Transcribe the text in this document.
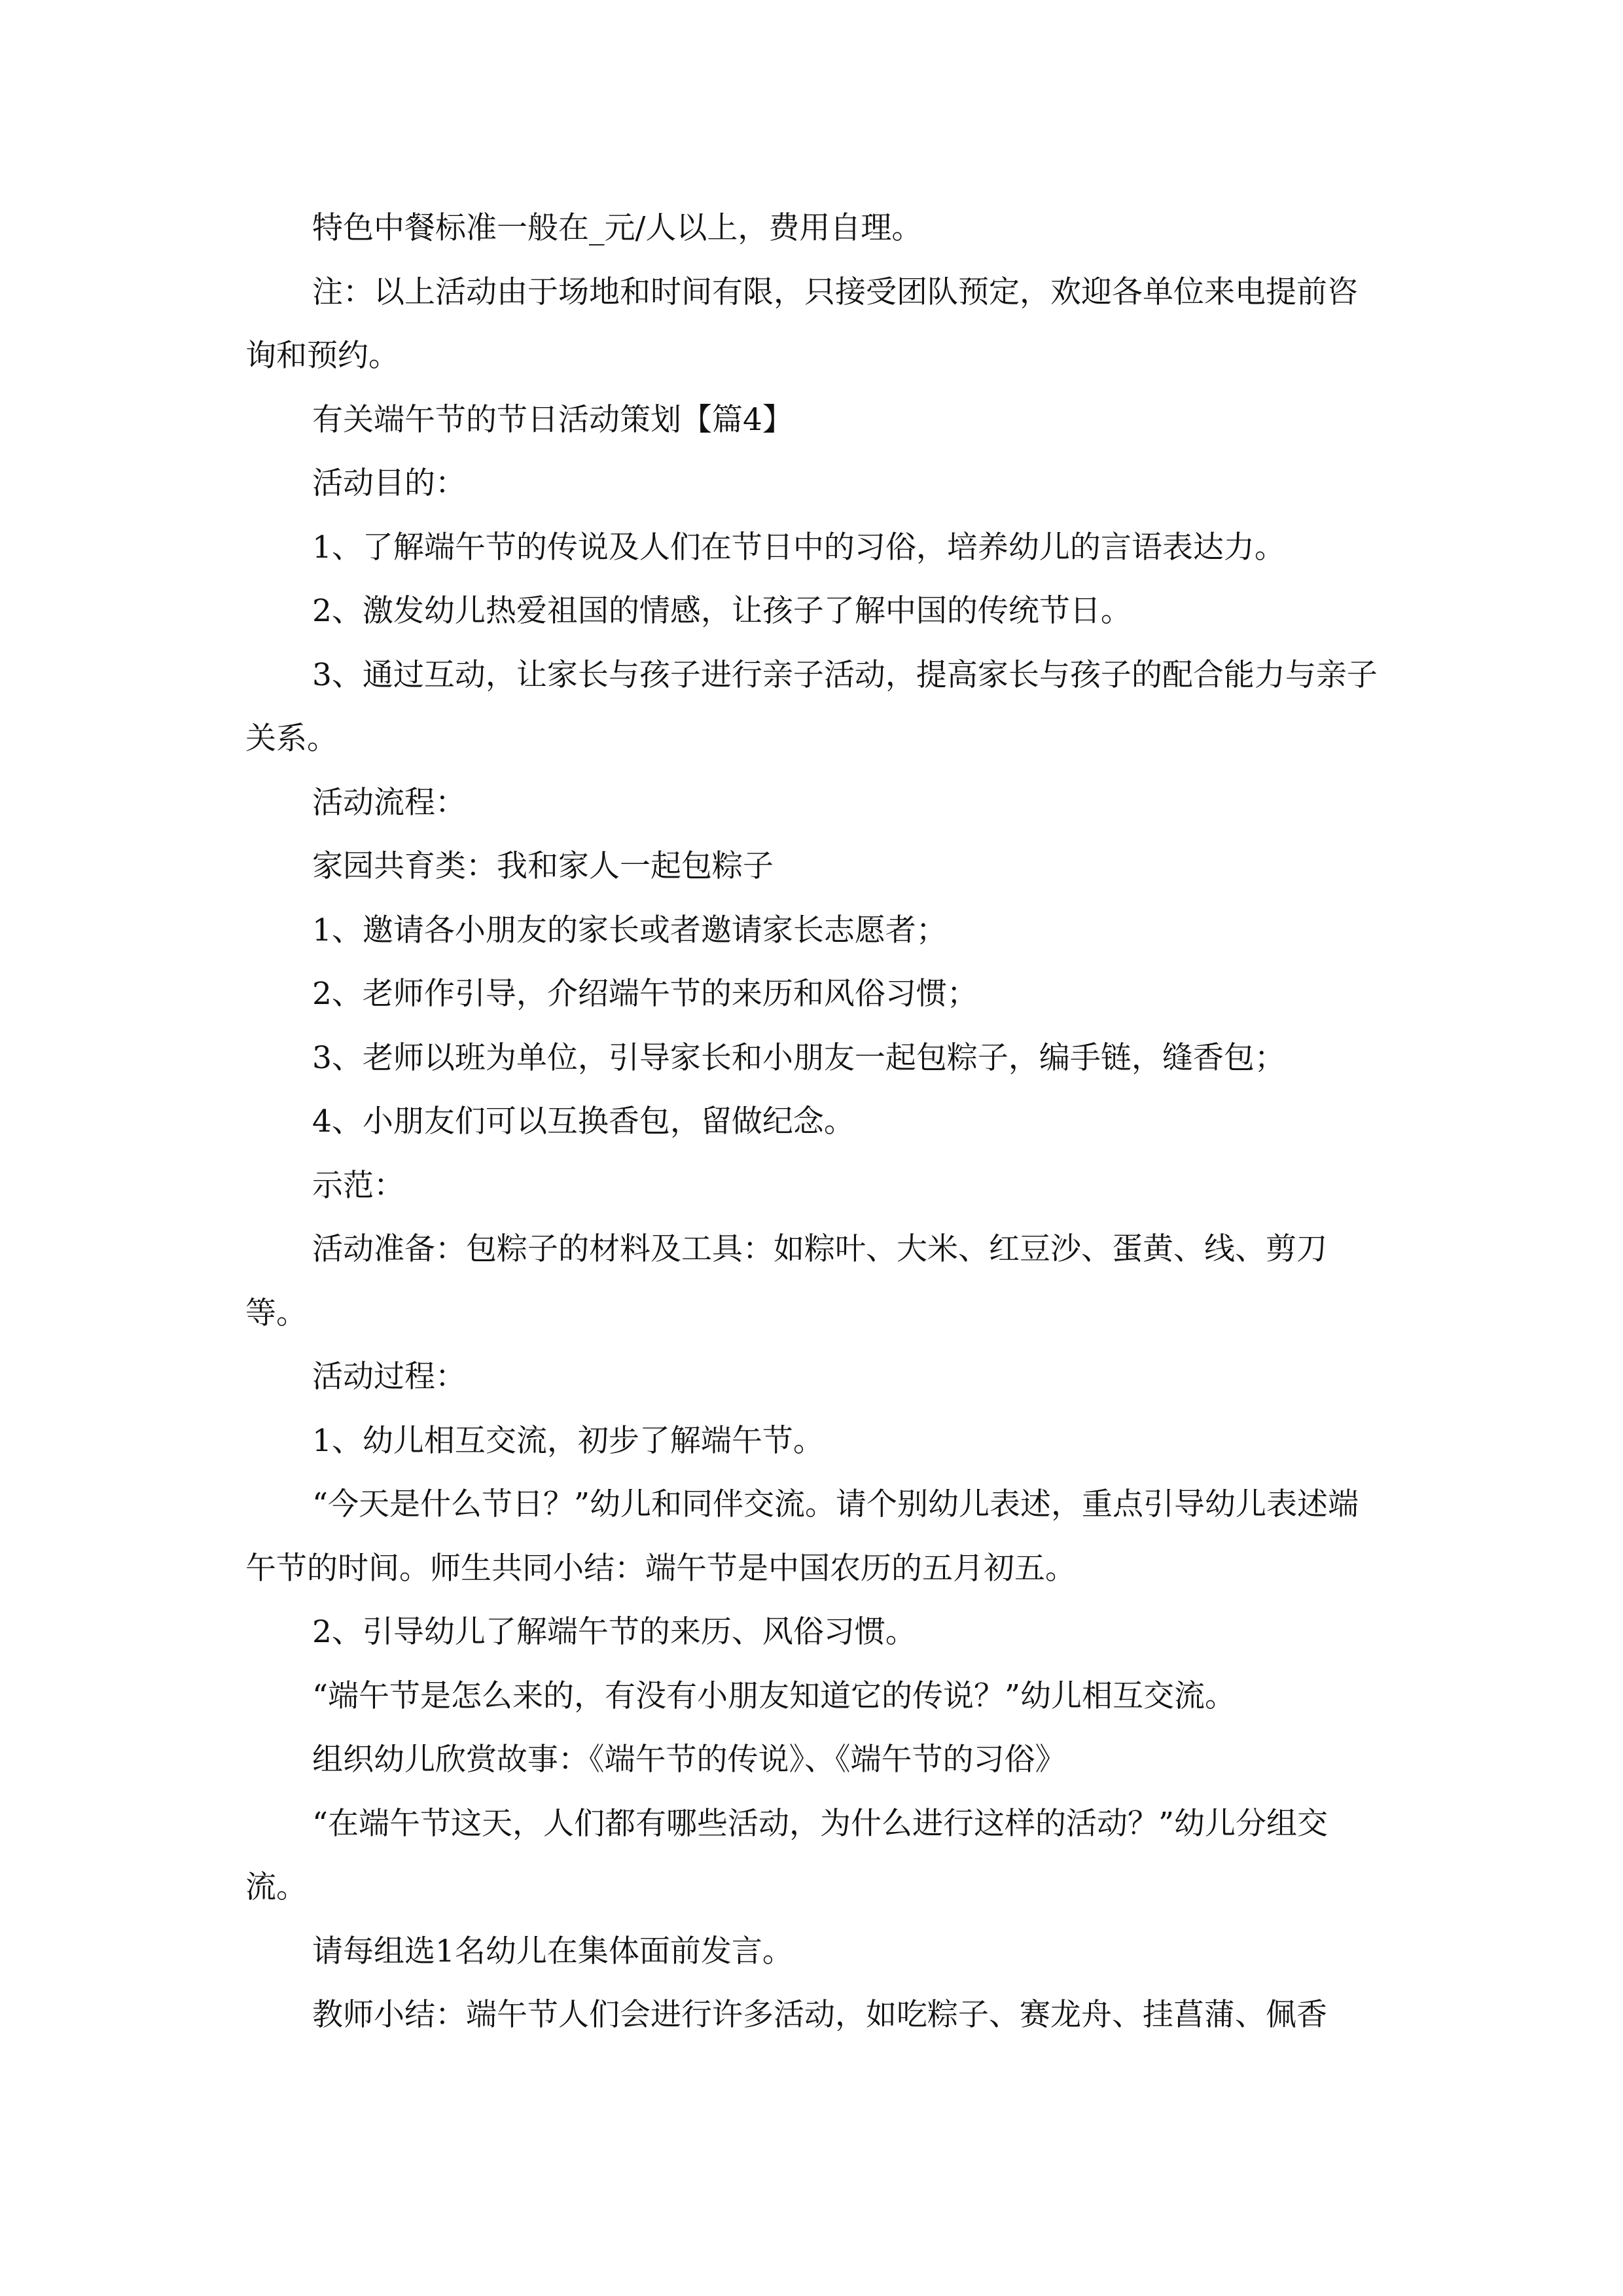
特色中餐标准一般在_元/人以上，费用自理。

注：以上活动由于场地和时间有限，只接受团队预定，欢迎各单位来电提前咨询和预约。

有关端午节的节日活动策划【篇4】

活动目的：

1、了解端午节的传说及人们在节日中的习俗，培养幼儿的言语表达力。

2、激发幼儿热爱祖国的情感，让孩子了解中国的传统节日。

3、通过互动，让家长与孩子进行亲子活动，提高家长与孩子的配合能力与亲子关系。

活动流程：

家园共育类：我和家人一起包粽子

1、邀请各小朋友的家长或者邀请家长志愿者；

2、老师作引导，介绍端午节的来历和风俗习惯；

3、老师以班为单位，引导家长和小朋友一起包粽子，编手链，缝香包；

4、小朋友们可以互换香包，留做纪念。

示范：

活动准备：包粽子的材料及工具：如粽叶、大米、红豆沙、蛋黄、线、剪刀等。

活动过程：

1、幼儿相互交流，初步了解端午节。

“今天是什么节日？”幼儿和同伴交流。请个别幼儿表述，重点引导幼儿表述端午节的时间。师生共同小结：端午节是中国农历的五月初五。

2、引导幼儿了解端午节的来历、风俗习惯。

“端午节是怎么来的，有没有小朋友知道它的传说？”幼儿相互交流。

组织幼儿欣赏故事：《端午节的传说》、《端午节的习俗》

“在端午节这天，人们都有哪些活动，为什么进行这样的活动？”幼儿分组交流。

请每组选1名幼儿在集体面前发言。

教师小结：端午节人们会进行许多活动，如吃粽子、赛龙舟、挂菖蒲、佩香
